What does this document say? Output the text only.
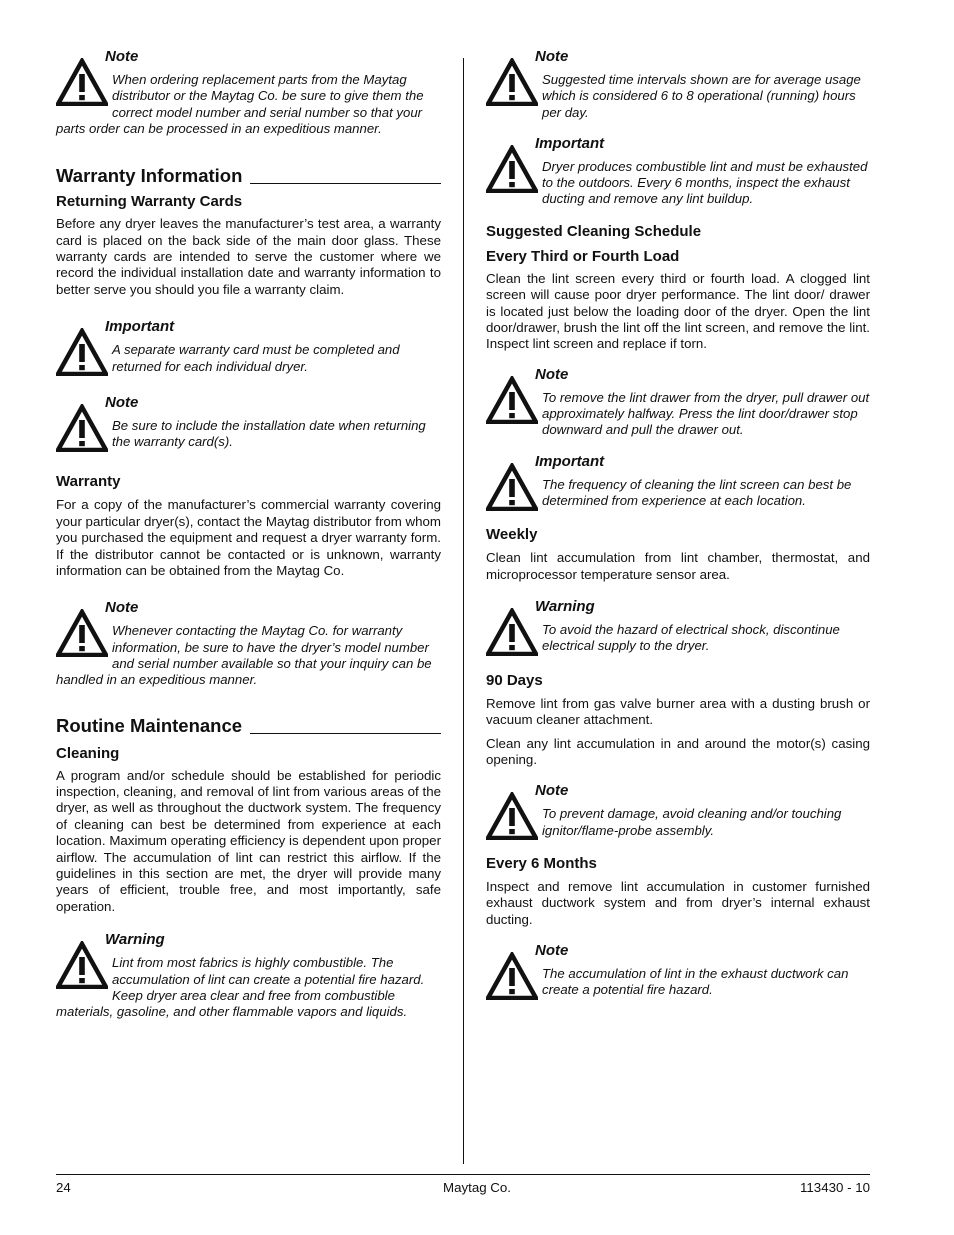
Note
When ordering replacement parts from the Maytag distributor or the Maytag Co. be sure to give them the correct model number and serial number so that your parts order can be processed in an expeditious manner.
Warranty Information
Returning Warranty Cards

Before any dryer leaves the manufacturer’s test area, a warranty card is placed on the back side of the main door glass. These warranty cards are intended to serve the customer where we record the individual installation date and warranty information to better serve you should you file a warranty claim.

Important
A separate warranty card must be completed and returned for each individual dryer.
Note
Be sure to include the installation date when returning the warranty card(s).
Warranty

For a copy of the manufacturer’s commercial warranty covering your particular dryer(s), contact the Maytag distributor from whom you purchased the equipment and request a dryer warranty form. If the distributor cannot be contacted or is unknown, warranty information can be obtained from the Maytag Co.

Note
Whenever contacting the Maytag Co. for warranty information, be sure to have the dryer’s model number and serial number available so that your inquiry can be handled in an expeditious manner.
Routine Maintenance
Cleaning

A program and/or schedule should be established for periodic inspection, cleaning, and removal of lint from various areas of the dryer, as well as throughout the ductwork system. The frequency of cleaning can best be determined from experience at each location. Maximum operating efficiency is dependent upon proper airflow. The accumulation of lint can restrict this airflow. If the guidelines in this section are met, the dryer will provide many years of efficient, trouble free, and most importantly, safe operation.

Warning
Lint from most fabrics is highly combustible. The accumulation of lint can create a potential fire hazard. Keep dryer area clear and free from combustible materials, gasoline, and other flammable vapors and liquids.
Note
Suggested time intervals shown are for average usage which is considered 6 to 8 operational (running) hours per day.
Important
Dryer produces combustible lint and must be exhausted to the outdoors. Every 6 months, inspect the exhaust ducting and remove any lint buildup.
Suggested Cleaning Schedule
Every Third or Fourth Load

Clean the lint screen every third or fourth load. A clogged lint screen will cause poor dryer performance. The lint door/ drawer is located just below the loading door of the dryer. Open the lint door/drawer, brush the lint off the lint screen, and remove the lint. Inspect lint screen and replace if torn.

Note
To remove the lint drawer from the dryer, pull drawer out approximately halfway. Press the lint door/drawer stop downward and pull the drawer out.
Important
The frequency of cleaning the lint screen can best be determined from experience at each location.
Weekly

Clean lint accumulation from lint chamber, thermostat, and microprocessor temperature sensor area.

Warning
To avoid the hazard of electrical shock, discontinue electrical supply to the dryer.
90 Days

Remove lint from gas valve burner area with a dusting brush or vacuum cleaner attachment.

Clean any lint accumulation in and around the motor(s) casing opening.

Note
To prevent damage, avoid cleaning and/or touching ignitor/flame-probe assembly.
Every 6 Months

Inspect and remove lint accumulation in customer furnished exhaust ductwork system and from dryer’s internal exhaust ducting.

Note
The accumulation of lint in the exhaust ductwork can create a potential fire hazard.
24	Maytag Co.	113430 - 10
